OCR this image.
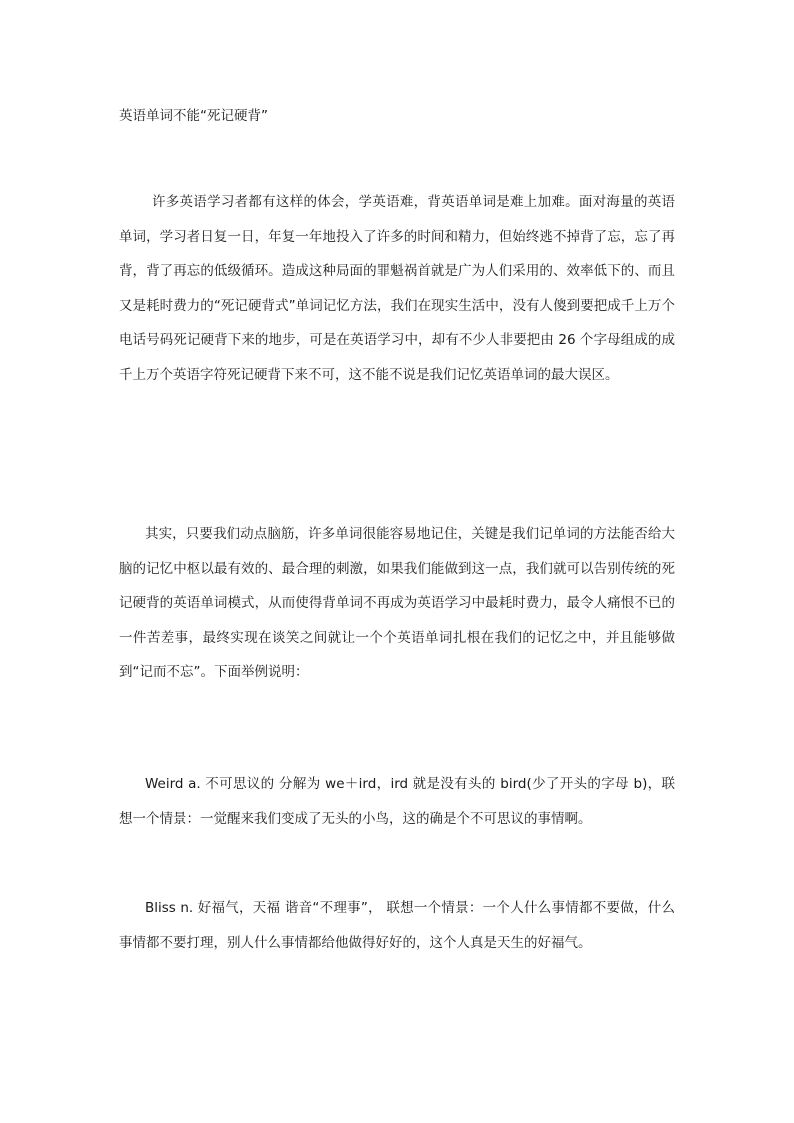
英语单词不能“死记硬背”

许多英语学习者都有这样的体会，学英语难，背英语单词是难上加难。面对海量的英语单词，学习者日复一日，年复一年地投入了许多的时间和精力，但始终逃不掉背了忘，忘了再背，背了再忘的低级循环。造成这种局面的罪魁祸首就是广为人们采用的、效率低下的、而且又是耗时费力的“死记硬背式”单词记忆方法，我们在现实生活中，没有人傻到要把成千上万个电话号码死记硬背下来的地步，可是在英语学习中，却有不少人非要把由 26 个字母组成的成千上万个英语字符死记硬背下来不可，这不能不说是我们记忆英语单词的最大误区。

其实，只要我们动点脑筋，许多单词很能容易地记住，关键是我们记单词的方法能否给大脑的记忆中枢以最有效的、最合理的刺激，如果我们能做到这一点，我们就可以告别传统的死记硬背的英语单词模式，从而使得背单词不再成为英语学习中最耗时费力，最令人痛恨不已的一件苦差事，最终实现在谈笑之间就让一个个英语单词扎根在我们的记忆之中，并且能够做到“记而不忘”。下面举例说明：

Weird a. 不可思议的 分解为 we＋ird，ird 就是没有头的 bird(少了开头的字母 b)，联想一个情景：一觉醒来我们变成了无头的小鸟，这的确是个不可思议的事情啊。

Bliss n. 好福气，天福 谐音“不理事”， 联想一个情景：一个人什么事情都不要做，什么事情都不要打理，别人什么事情都给他做得好好的，这个人真是天生的好福气。
